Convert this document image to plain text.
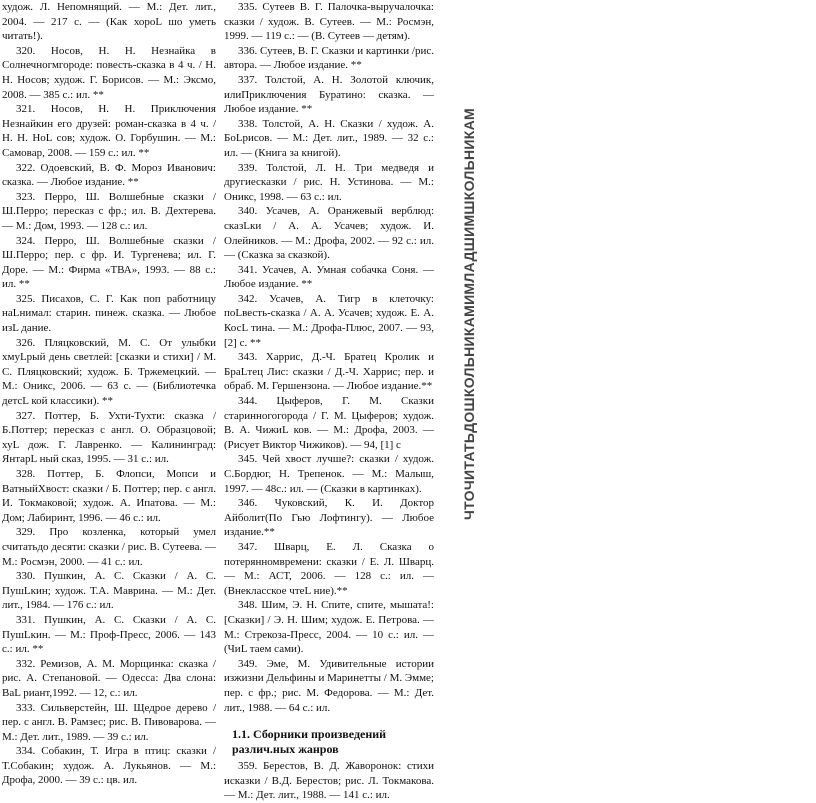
худож. Л. Непомнящий. — М.: Дет. лит., 2004. — 217 с. — (Как хорoL шо уметь читать!).

320. Носов, Н. Н. Незнайка в Солнечногмгороде: повесть-сказка в 4 ч. / Н. Н. Носов; худож. Г. Борисов. — М.: Эксмо, 2008. — 385 с.: ил. **

321. Носов, Н. Н. Приключения Незнайкин его друзей: роман-сказка в 4 ч. / Н. Н. НоL сов; худож. О. Горбушин. — М.: Самовар, 2008. — 159 с.: ил. **

322. Одоевский, В. Ф. Мороз Иванович: сказка. — Любое издание. **

323. Перро, Ш. Волшебные сказки / Ш.Перро; пересказ с фр.; ил. В. Дехтерева. — М.: Дом, 1993. — 128 с.: ил.

324. Перро, Ш. Волшебные сказки / Ш.Перро; пер. с фр. И. Тургенева; ил. Г. Доре. — М.: Фирма «ТВА», 1993. — 88 с.: ил. **

325. Писахов, С. Г. Как поп работницу наLнимал: старин. пинеж. сказка. — Любое изL дание.

326. Пляцковский, М. С. От улыбки хмуLрый день светлей: [сказки и стихи] / М. С. Пляцковский; худож. Б. Тржемецкий. — М.: Оникс, 2006. — 63 с. — (Библиотечка детсL кой классики). **

327. Поттер, Б. Ухти-Тухти: сказка /Б.Поттер; пересказ с англ. О. Образцовой; хуL дож. Г. Лавренко. — Калининград: ЯнтарL ный сказ, 1995. — 31 с.: ил.

328. Поттер, Б. Флопси, Мопси и ВатныйХвост: сказки / Б. Поттер; пер. с англ. И. Токмаковой; худож. А. Ипатова. — М.: Дом; Лабиринт, 1996. — 46 с.: ил.

329. Про козленка, который умел считатьдо десяти: сказки / рис. В. Сутеева. — М.: Росмэн, 2000. — 41 с.: ил.

330. Пушкин, А. С. Сказки / А. С. ПушLкин; худож. Т.А. Маврина. — М.: Дет. лит., 1984. — 176 с.: ил.

331. Пушкин, А. С. Сказки / А. С. ПушLкин. — М.: Проф-Пресс, 2006. — 143 с.: ил. **

332. Ремизов, А. М. Морщинка: сказка /рис. А. Степановой. — Одесса: Два слона: ВаL риант,1992. — 12, с.: ил.

333. Сильверстейн, Ш. Щедрое дерево /пер. с англ. В. Рамзес; рис. В. Пивоварова. — М.: Дет. лит., 1989. — 39 с.: ил.

334. Собакин, Т. Игра в птиц: сказки / Т.Собакин; худож. А. Лукьянов. — М.: Дрофа, 2000. — 39 с.: цв. ил.

335. Сутеев В. Г. Палочка-выручалочка: сказки / худож. В. Сутеев. — М.: Росмэн, 1999. — 119 с.: — (В. Сутеев — детям).

336. Сутеев, В. Г. Сказки и картинки /рис. автора. — Любое издание. **

337. Толстой, А. Н. Золотой ключик, илиПриключения Буратино: сказка. — Любое издание. **

338. Толстой, А. Н. Сказки / худож. А. БоLрисов. — М.: Дет. лит., 1989. — 32 с.: ил. — (Книга за книгой).

339. Толстой, Л. Н. Три медведя и другиесказки / рис. Н. Устинова. — М.: Оникс, 1998. — 63 с.: ил.

340. Усачев, А. Оранжевый верблюд: сказLки / А. А. Усачев; худож. И. Олейников. — М.: Дрофа, 2002. — 92 с.: ил. — (Сказка за сказкой).

341. Усачев, А. Умная собачка Соня. —Любое издание. **

342. Усачев, А. Тигр в клеточку: поLвесть-сказка / А. А. Усачев; худож. Е. А. КосL тина. — М.: Дрофа-Плюс, 2007. — 93,[2] с. **

343. Харрис, Д.-Ч. Братец Кролик и БраLтец Лис: сказки / Д.-Ч. Харрис; пер. и обраб. М. Гершензона. — Любое издание.**

344. Цыферов, Г. М. Сказки старинногогорода / Г. М. Цыферов; худож. В. А. ЧижиL ков. — М.: Дрофа, 2003. — (Рисует Виктор Чижиков). — 94, [1] с

345. Чей хвост лучше?: сказки / худож. С.Бордюг, Н. Трепенок. — М.: Малыш, 1997. — 48с.: ил. — (Сказки в картинках).

346. Чуковский, К. И. Доктор Айболит(По Гью Лофтингу). — Любое издание.**

347. Шварц, Е. Л. Сказка о потерянномвремени: сказки / Е. Л. Шварц. — М.: АСТ, 2006. — 128 с.: ил. — (Внекласское чтеL ние).**

348. Шим, Э. Н. Спите, спите, мышата!: [Сказки] / Э. Н. Шим; худож. Е. Петрова. — М.: Стрекоза-Пресс, 2004. — 10 с.: ил. — (ЧиL таем сами).

349. Эме, М. Удивительные истории изжизни Дельфины и Маринетты / М. Эмме; пер. с фр.; рис. М. Федорова. — М.: Дет. лит., 1988. — 64 с.: ил.

1.1. Сборники произведений различ.ных жанров

359. Берестов, В. Д. Жаворонок: стихи исказки / В.Д. Берестов; рис. Л. Токмакова. — М.: Дет. лит., 1988. — 141 с.: ил.

ЧТОЧИТАТЬДОШКОЛЬНИКАМИМЛАДШИМШКОЛЬНИКАМ
